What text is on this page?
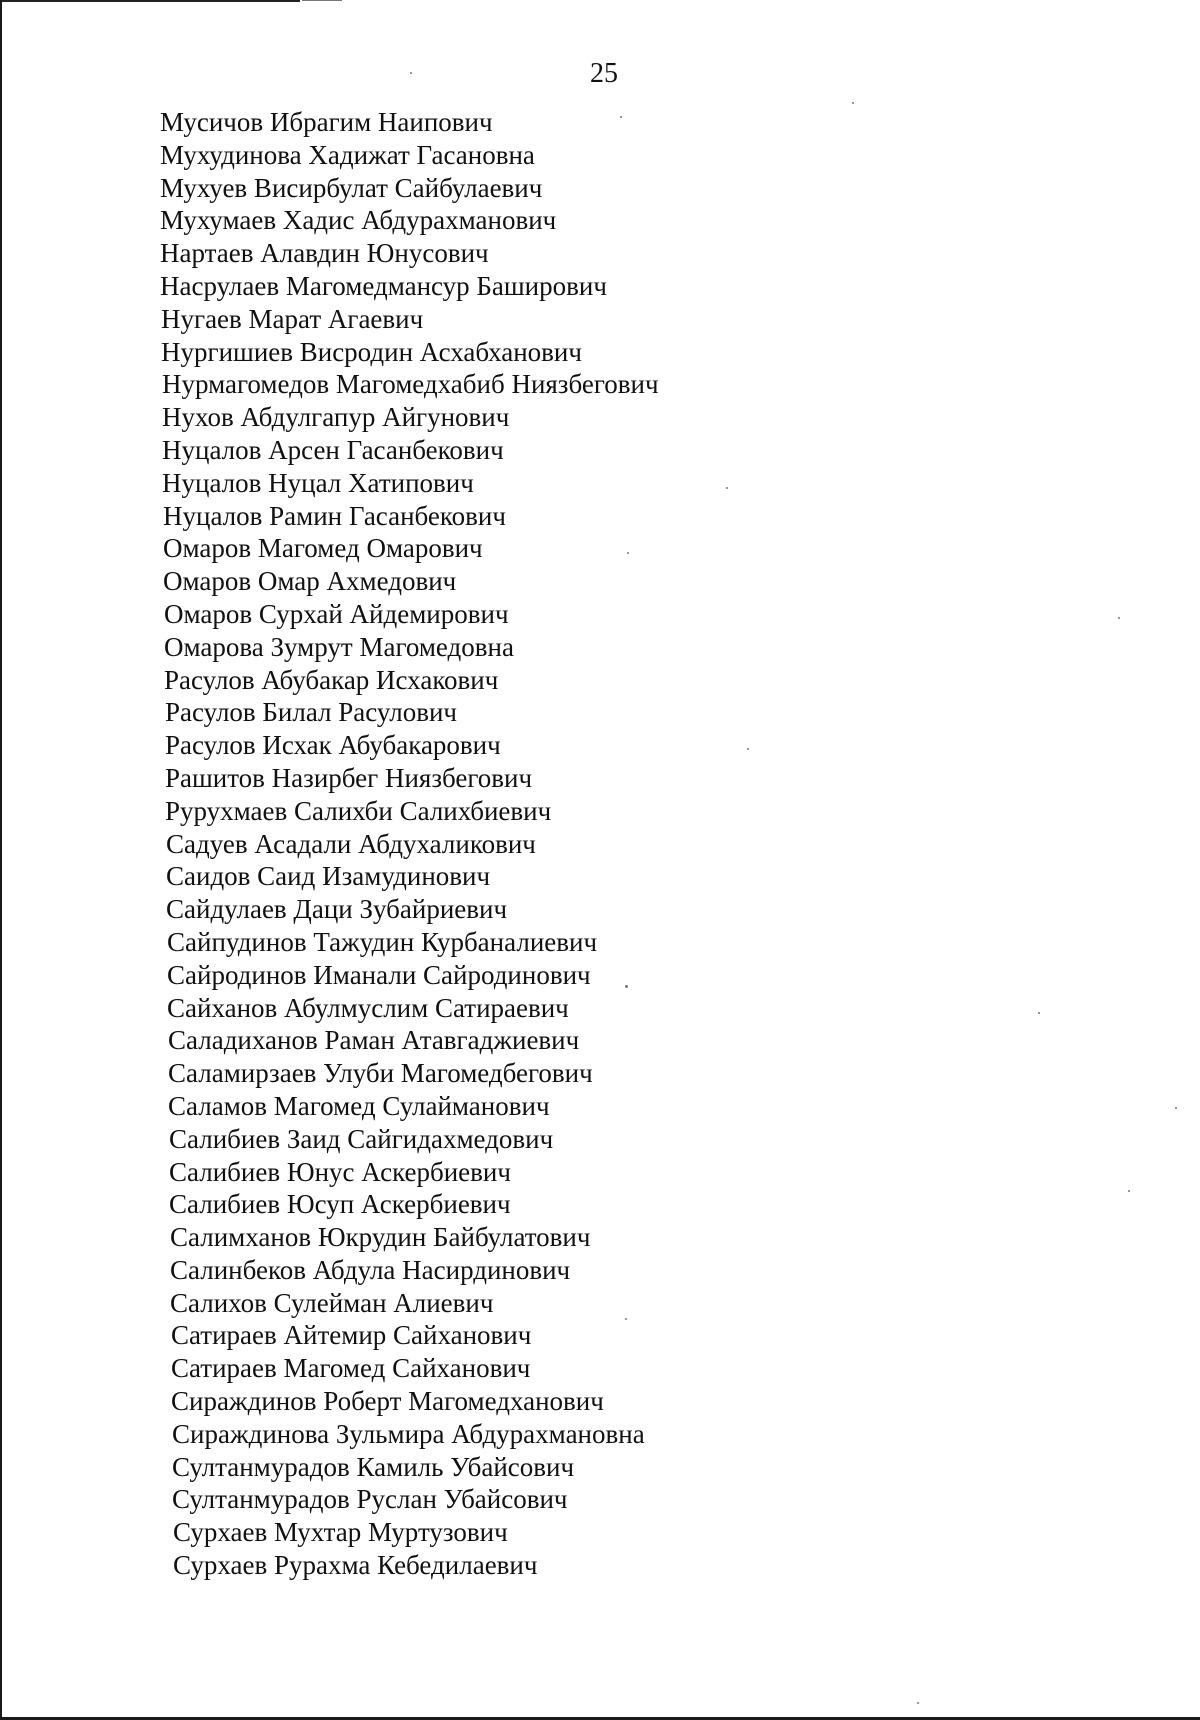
25
Мусичов Ибрагим Наипович
Мухудинова Хадижат Гасановна
Мухуев Висирбулат Сайбулаевич
Мухумаев Хадис Абдурахманович
Нартаев Алавдин Юнусович
Насрулаев Магомедмансур Баширович
Нугаев Марат Агаевич
Нургишиев Висродин Асхабханович
Нурмагомедов Магомедхабиб Ниязбегович
Нухов Абдулгапур Айгунович
Нуцалов Арсен Гасанбекович
Нуцалов Нуцал Хатипович
Нуцалов Рамин Гасанбекович
Омаров Магомед Омарович
Омаров Омар Ахмедович
Омаров Сурхай Айдемирович
Омарова Зумрут Магомедовна
Расулов Абубакар Исхакович
Расулов Билал Расулович
Расулов Исхак Абубакарович
Рашитов Назирбег Ниязбегович
Рурухмаев Салихби Салихбиевич
Садуев Асадали Абдухаликович
Саидов Саид Изамудинович
Сайдулаев Даци Зубайриевич
Сайпудинов Тажудин Курбаналиевич
Сайродинов Иманали Сайродинович
Сайханов Абулмуслим Сатираевич
Саладиханов Раман Атавгаджиевич
Саламирзаев Улуби Магомедбегович
Саламов Магомед Сулайманович
Салибиев Заид Сайгидахмедович
Салибиев Юнус Аскербиевич
Салибиев Юсуп Аскербиевич
Салимханов Юкрудин Байбулатович
Салинбеков Абдула Насирдинович
Салихов Сулейман Алиевич
Сатираев Айтемир Сайханович
Сатираев Магомед Сайханович
Сираждинов Роберт Магомедханович
Сираждинова Зульмира Абдурахмановна
Султанмурадов Камиль Убайсович
Султанмурадов Руслан Убайсович
Сурхаев Мухтар Муртузович
Сурхаев Рурахма Кебедилаевич
